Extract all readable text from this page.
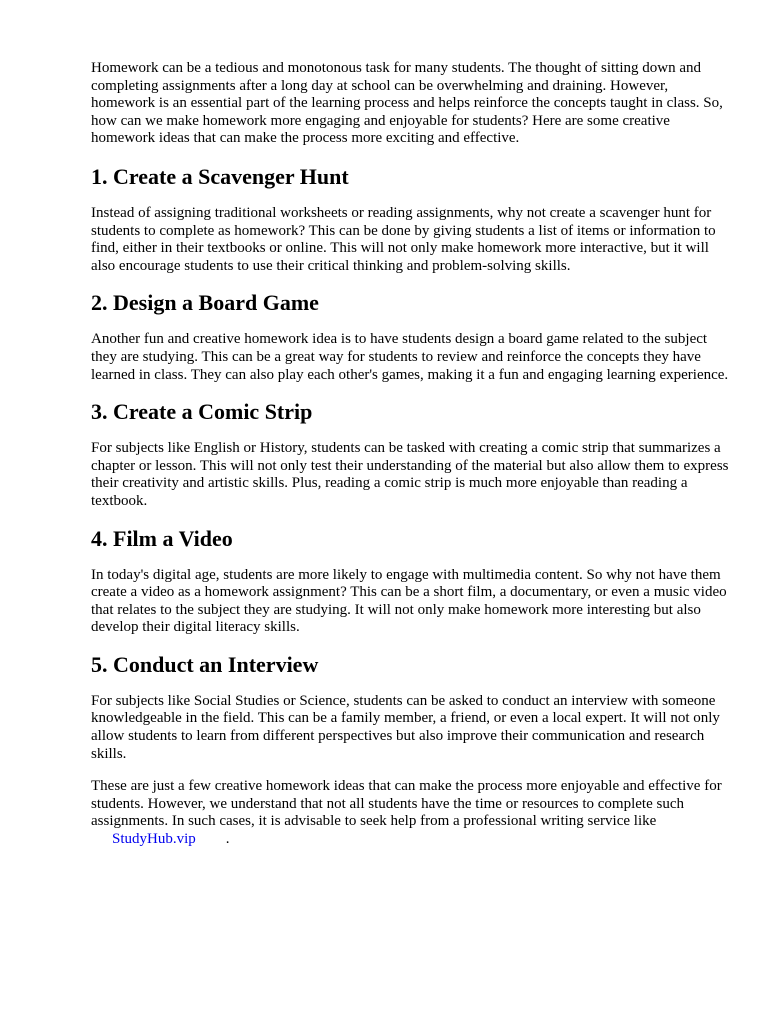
Homework can be a tedious and monotonous task for many students. The thought of sitting down and completing assignments after a long day at school can be overwhelming and draining. However, homework is an essential part of the learning process and helps reinforce the concepts taught in class. So, how can we make homework more engaging and enjoyable for students? Here are some creative homework ideas that can make the process more exciting and effective.

1. Create a Scavenger Hunt

Instead of assigning traditional worksheets or reading assignments, why not create a scavenger hunt for students to complete as homework? This can be done by giving students a list of items or information to find, either in their textbooks or online. This will not only make homework more interactive, but it will also encourage students to use their critical thinking and problem-solving skills.

2. Design a Board Game

Another fun and creative homework idea is to have students design a board game related to the subject they are studying. This can be a great way for students to review and reinforce the concepts they have learned in class. They can also play each other's games, making it a fun and engaging learning experience.

3. Create a Comic Strip

For subjects like English or History, students can be tasked with creating a comic strip that summarizes a chapter or lesson. This will not only test their understanding of the material but also allow them to express their creativity and artistic skills. Plus, reading a comic strip is much more enjoyable than reading a textbook.

4. Film a Video

In today's digital age, students are more likely to engage with multimedia content. So why not have them create a video as a homework assignment? This can be a short film, a documentary, or even a music video that relates to the subject they are studying. It will not only make homework more interesting but also develop their digital literacy skills.

5. Conduct an Interview

For subjects like Social Studies or Science, students can be asked to conduct an interview with someone knowledgeable in the field. This can be a family member, a friend, or even a local expert. It will not only allow students to learn from different perspectives but also improve their communication and research skills.

These are just a few creative homework ideas that can make the process more enjoyable and effective for students. However, we understand that not all students have the time or resources to complete such assignments. In such cases, it is advisable to seek help from a professional writing service like
StudyHub.vip .
